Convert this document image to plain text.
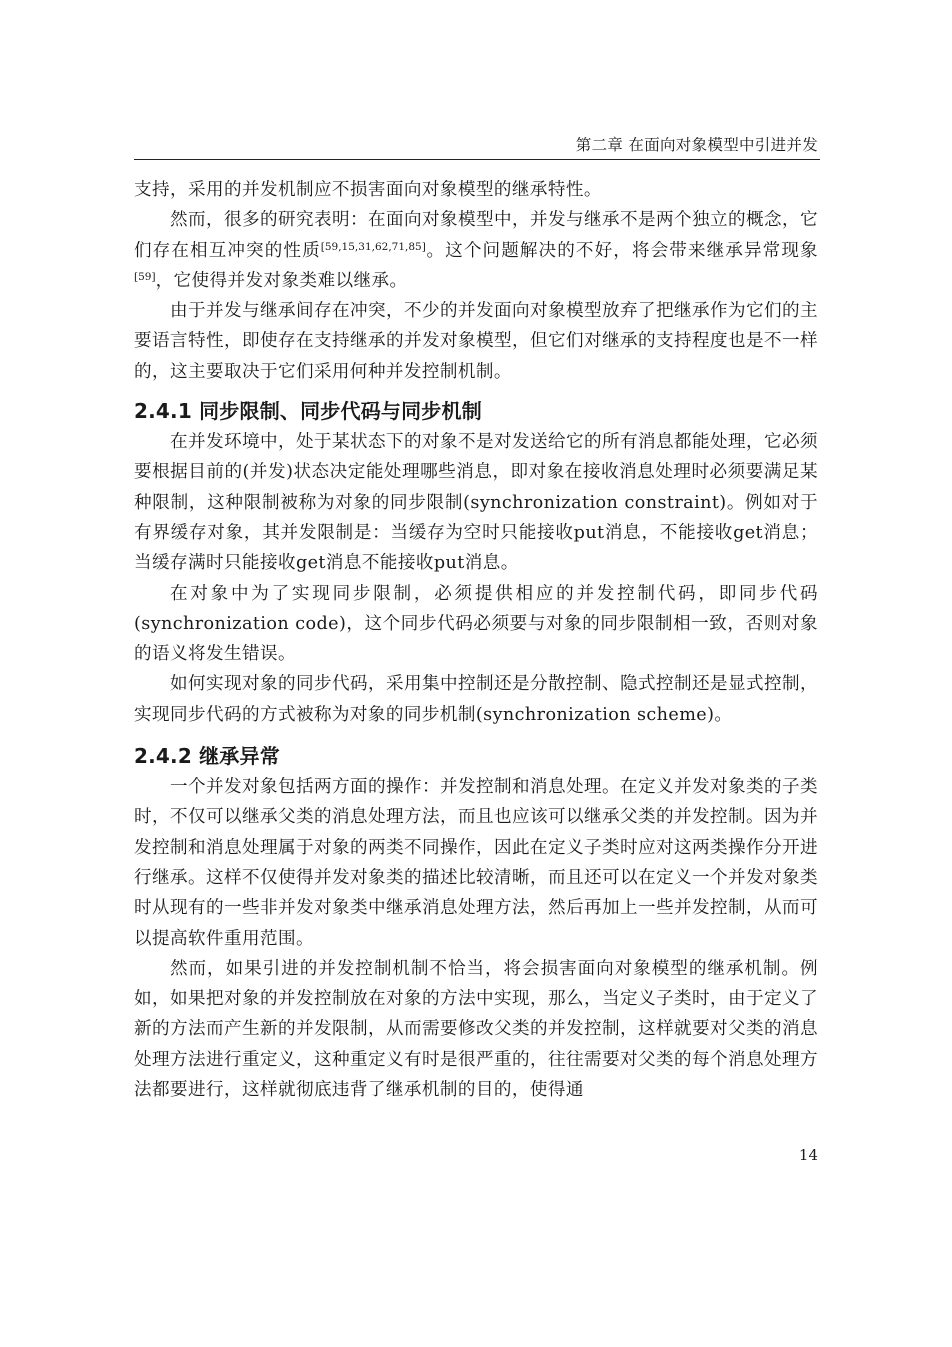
第二章 在面向对象模型中引进并发

支持，采用的并发机制应不损害面向对象模型的继承特性。

然而，很多的研究表明：在面向对象模型中，并发与继承不是两个独立的概念，它们存在相互冲突的性质[59,15,31,62,71,85]。这个问题解决的不好，将会带来继承异常现象[59]，它使得并发对象类难以继承。

由于并发与继承间存在冲突，不少的并发面向对象模型放弃了把继承作为它们的主要语言特性，即使存在支持继承的并发对象模型，但它们对继承的支持程度也是不一样的，这主要取决于它们采用何种并发控制机制。

2.4.1 同步限制、同步代码与同步机制

在并发环境中，处于某状态下的对象不是对发送给它的所有消息都能处理，它必须要根据目前的(并发)状态决定能处理哪些消息，即对象在接收消息处理时必须要满足某种限制，这种限制被称为对象的同步限制(synchronization constraint)。例如对于有界缓存对象，其并发限制是：当缓存为空时只能接收put消息，不能接收get消息；当缓存满时只能接收get消息不能接收put消息。

在对象中为了实现同步限制，必须提供相应的并发控制代码，即同步代码(synchronization code)，这个同步代码必须要与对象的同步限制相一致，否则对象的语义将发生错误。

如何实现对象的同步代码，采用集中控制还是分散控制、隐式控制还是显式控制，实现同步代码的方式被称为对象的同步机制(synchronization scheme)。

2.4.2 继承异常

一个并发对象包括两方面的操作：并发控制和消息处理。在定义并发对象类的子类时，不仅可以继承父类的消息处理方法，而且也应该可以继承父类的并发控制。因为并发控制和消息处理属于对象的两类不同操作，因此在定义子类时应对这两类操作分开进行继承。这样不仅使得并发对象类的描述比较清晰，而且还可以在定义一个并发对象类时从现有的一些非并发对象类中继承消息处理方法，然后再加上一些并发控制，从而可以提高软件重用范围。

然而，如果引进的并发控制机制不恰当，将会损害面向对象模型的继承机制。例如，如果把对象的并发控制放在对象的方法中实现，那么，当定义子类时，由于定义了新的方法而产生新的并发限制，从而需要修改父类的并发控制，这样就要对父类的消息处理方法进行重定义，这种重定义有时是很严重的，往往需要对父类的每个消息处理方法都要进行，这样就彻底违背了继承机制的目的，使得通

14
